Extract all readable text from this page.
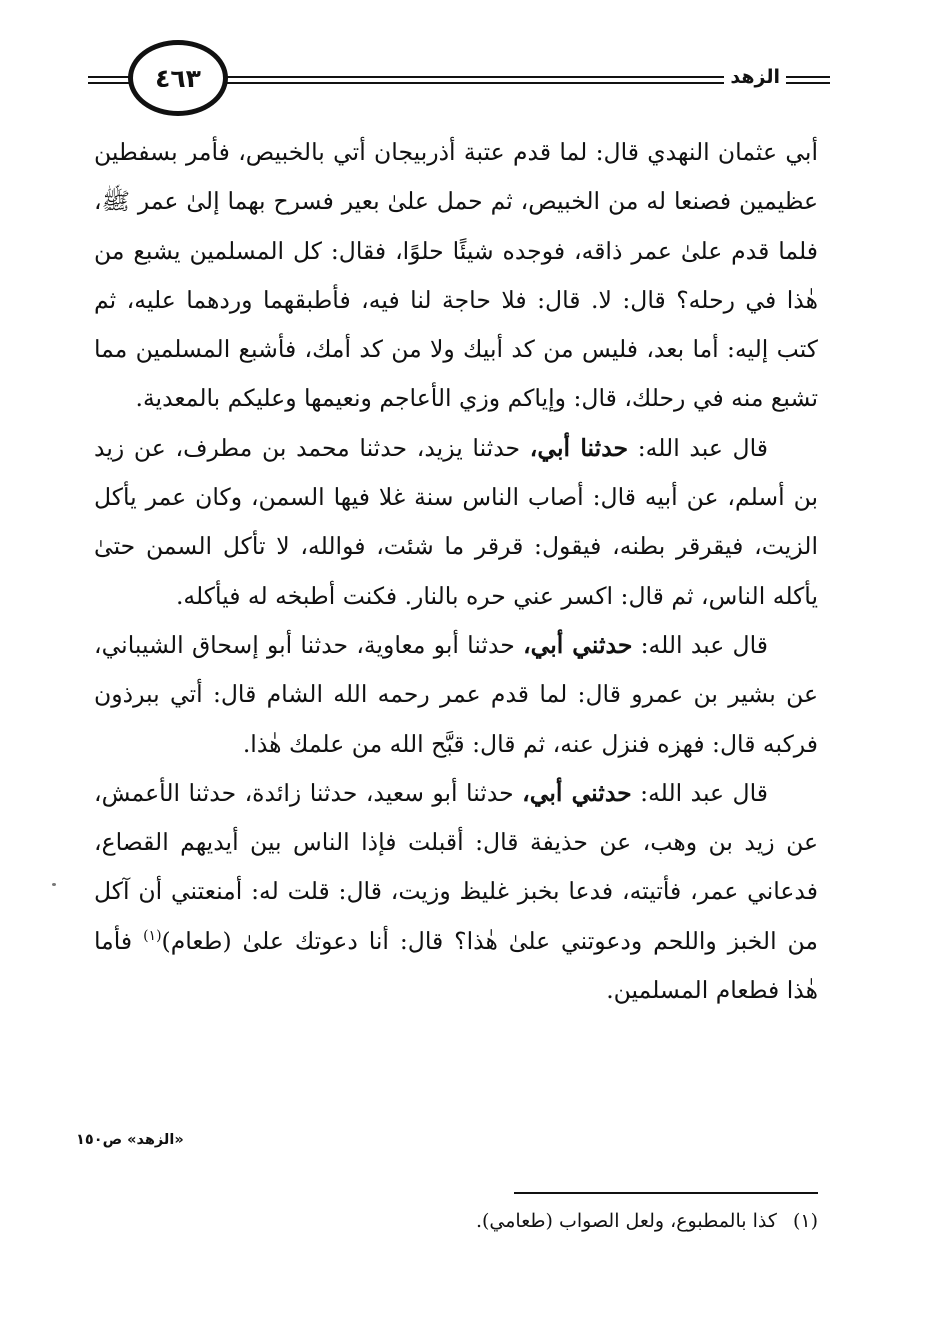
٤٦٣	الزهد

أبي عثمان النهدي قال: لما قدم عتبة أذربيجان أتي بالخبيص، فأمر بسفطين عظيمين فصنعا له من الخبيص، ثم حمل علىٰ بعير فسرح بهما إلىٰ عمر ﷺ، فلما قدم علىٰ عمر ذاقه، فوجده شيئًا حلوًا، فقال: كل المسلمين يشبع من هٰذا في رحله؟ قال: لا. قال: فلا حاجة لنا فيه، فأطبقهما وردهما عليه، ثم كتب إليه: أما بعد، فليس من كد أبيك ولا من كد أمك، فأشبع المسلمين مما تشبع منه في رحلك، قال: وإياكم وزي الأعاجم ونعيمها وعليكم بالمعدية.

قال عبد الله: حدثنا أبي، حدثنا يزيد، حدثنا محمد بن مطرف، عن زيد بن أسلم، عن أبيه قال: أصاب الناس سنة غلا فيها السمن، وكان عمر يأكل الزيت، فيقرقر بطنه، فيقول: قرقر ما شئت، فوالله، لا تأكل السمن حتىٰ يأكله الناس، ثم قال: اكسر عني حره بالنار. فكنت أطبخه له فيأكله.

قال عبد الله: حدثني أبي، حدثنا أبو معاوية، حدثنا أبو إسحاق الشيباني، عن بشير بن عمرو قال: لما قدم عمر رحمه الله الشام قال: أتي ببرذون فركبه قال: فهزه فنزل عنه، ثم قال: قبَّح الله من علمك هٰذا.

قال عبد الله: حدثني أبي، حدثنا أبو سعيد، حدثنا زائدة، حدثنا الأعمش، عن زيد بن وهب، عن حذيفة قال: أقبلت فإذا الناس بين أيديهم القصاع، فدعاني عمر، فأتيته، فدعا بخبز غليظ وزيت، قال: قلت له: أمنعتني أن آكل من الخبز واللحم ودعوتني علىٰ هٰذا؟ قال: أنا دعوتك علىٰ (طعام)$^{(١)}$ فأما هٰذا فطعام المسلمين.

«الزهد» ص١٥٠
(١) كذا بالمطبوع، ولعل الصواب (طعامي).
